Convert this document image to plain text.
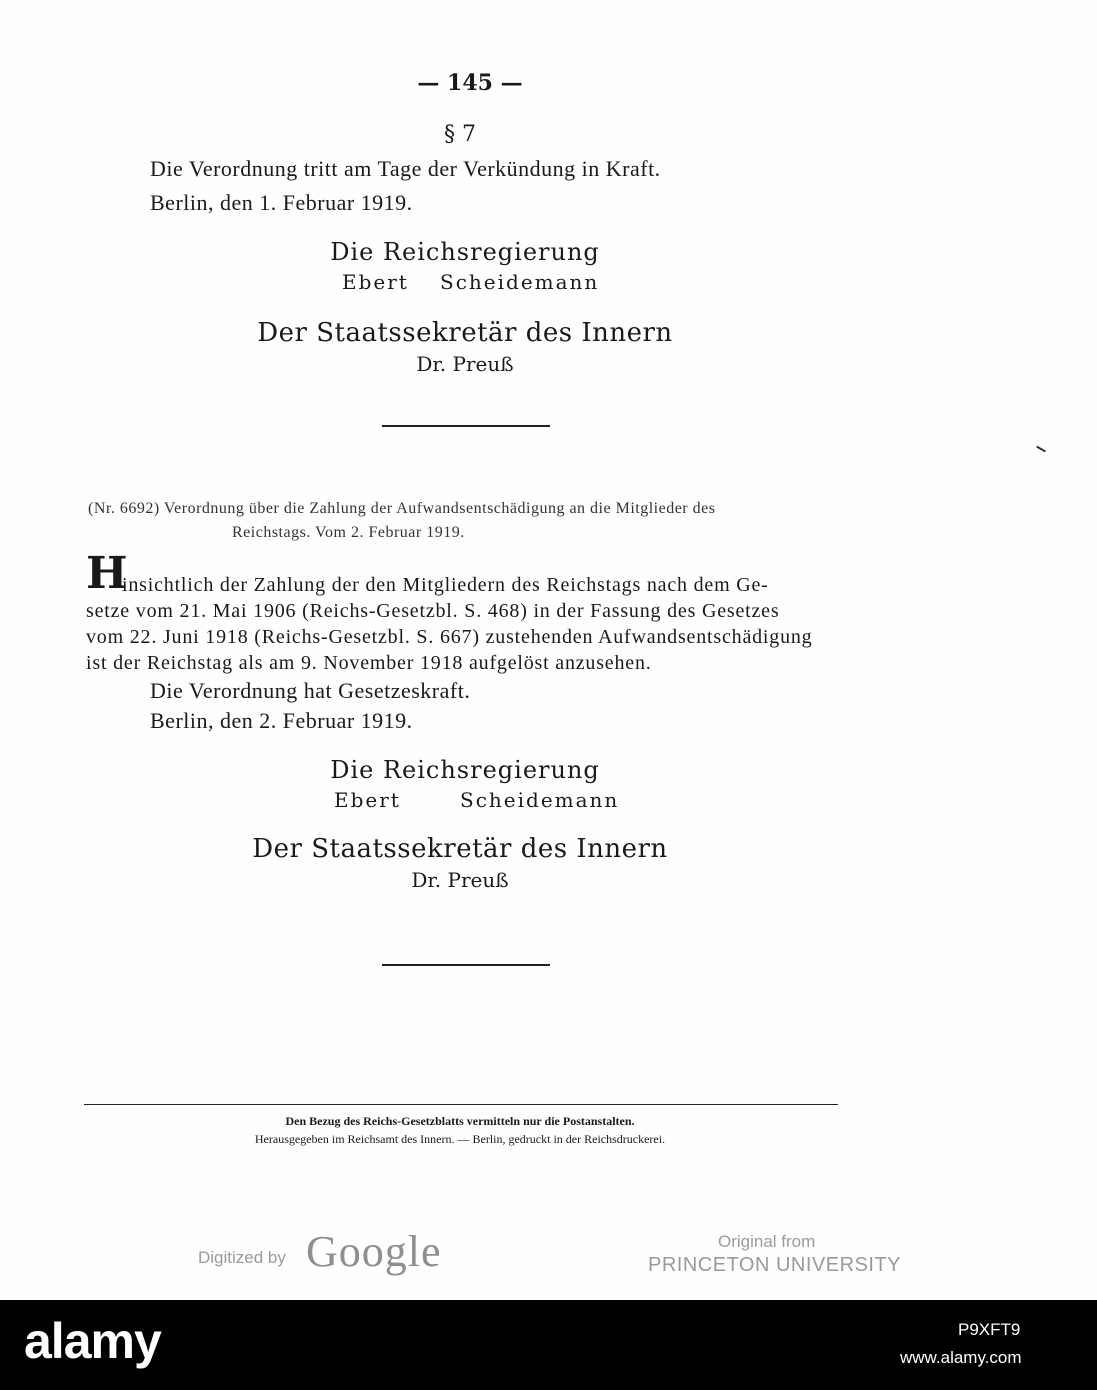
— 145 —
§ 7
Die Verordnung tritt am Tage der Verkündung in Kraft.
Berlin, den 1. Februar 1919.
Die Reichsregierung
Ebert Scheidemann
Der Staatssekretär des Innern
Dr. Preuß
(Nr. 6692) Verordnung über die Zahlung der Aufwandsentschädigung an die Mitglieder des
Reichstags. Vom 2. Februar 1919.
H
insichtlich der Zahlung der den Mitgliedern des Reichstags nach dem Ge-
setze vom 21. Mai 1906 (Reichs-Gesetzbl. S. 468) in der Fassung des Gesetzes
vom 22. Juni 1918 (Reichs-Gesetzbl. S. 667) zustehenden Aufwandsentschädigung
ist der Reichstag als am 9. November 1918 aufgelöst anzusehen.
Die Verordnung hat Gesetzeskraft.
Berlin, den 2. Februar 1919.
Die Reichsregierung
Ebert	Scheidemann
Der Staatssekretär des Innern
Dr. Preuß
Den Bezug des Reichs-Gesetzblatts vermitteln nur die Postanstalten.
Herausgegeben im Reichsamt des Innern. — Berlin, gedruckt in der Reichsdruckerei.
Digitized by Google	Original from
PRINCETON UNIVERSITY
alamy	P9XFT9
www.alamy.com
